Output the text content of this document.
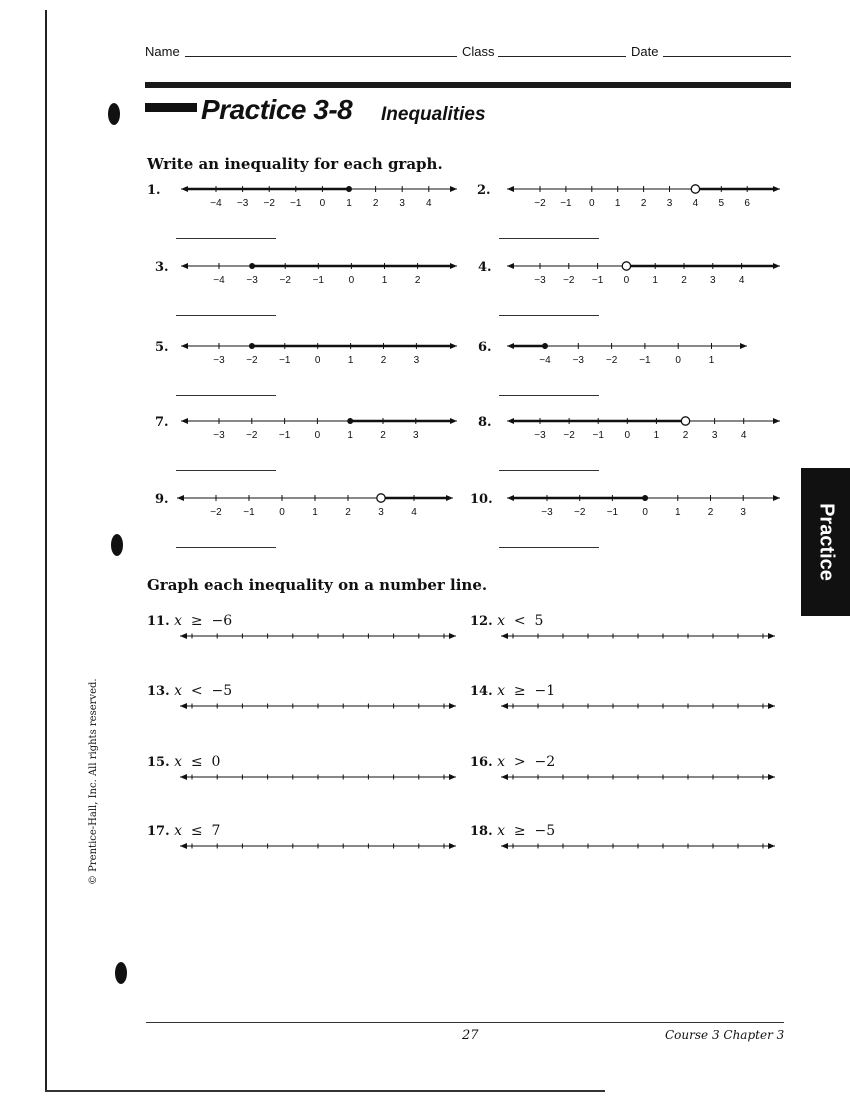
Name	Class	Date
Practice 3-8 Inequalities
Write an inequality for each graph.
Graph each inequality on a number line.
1.
−4 −3 −2 −1 0 1 2 3 4
2.
−2 −1 0 1 2 3 4 5 6
3.
−4 −3 −2 −1 0	1	2
4.
−3 −2 −1 0 1 2 3 4
5.
−3 −2 −1 0	1	2	3
6.
−4 −3 −2 −1 0	1
7.
−3 −2 −1 0	1	2	3
8.
−3 −2 −1 0 1 2 3 4
9.
−2 −1 0	1	2	3	4
10.
−3 −2 −1 0	1	2	3
11. x  ≥  −6	12. x  <  5
13. x  <  −5	14. x  ≥  −1
15. x  ≤  0	16. x  >  −2
17. x  ≤  7	18. x  ≥  −5
Practice
© Prentice-Hall, Inc. All rights reserved.
27	Course 3 Chapter 3
